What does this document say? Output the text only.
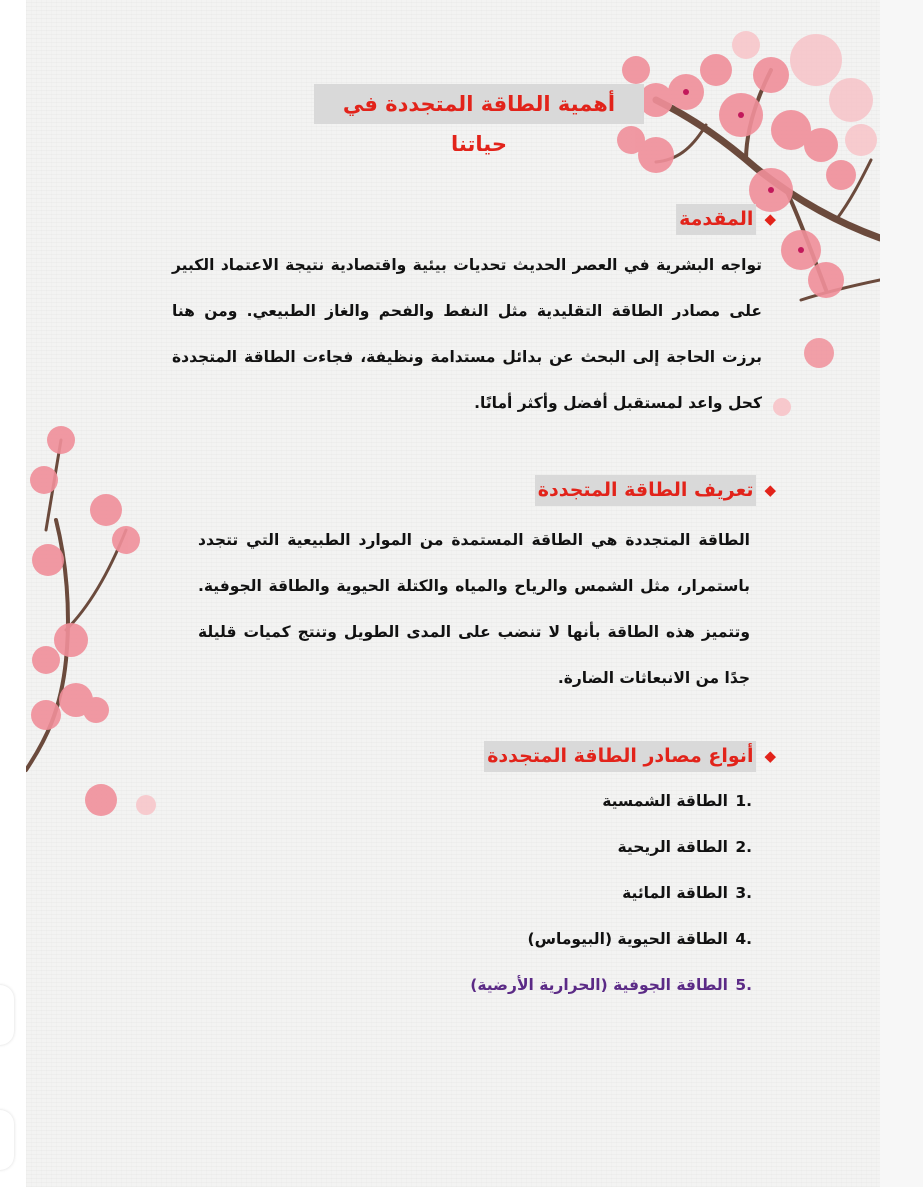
أهمية الطاقة المتجددة في حياتنا
◆
المقدمة

تواجه البشرية في العصر الحديث تحديات بيئية واقتصادية نتيجة الاعتماد الكبير على مصادر الطاقة التقليدية مثل النفط والفحم والغاز الطبيعي. ومن هنا برزت الحاجة إلى البحث عن بدائل مستدامة ونظيفة، فجاءت الطاقة المتجددة كحل واعد لمستقبل أفضل وأكثر أمانًا.

◆
تعريف الطاقة المتجددة

الطاقة المتجددة هي الطاقة المستمدة من الموارد الطبيعية التي تتجدد باستمرار، مثل الشمس والرياح والمياه والكتلة الحيوية والطاقة الجوفية. وتتميز هذه الطاقة بأنها لا تنضب على المدى الطويل وتنتج كميات قليلة جدًا من الانبعاثات الضارة.

◆
أنواع مصادر الطاقة المتجددة
.1الطاقة الشمسية
.2الطاقة الريحية
.3الطاقة المائية
.4الطاقة الحيوية (البيوماس)
.5الطاقة الجوفية (الحرارية الأرضية)
